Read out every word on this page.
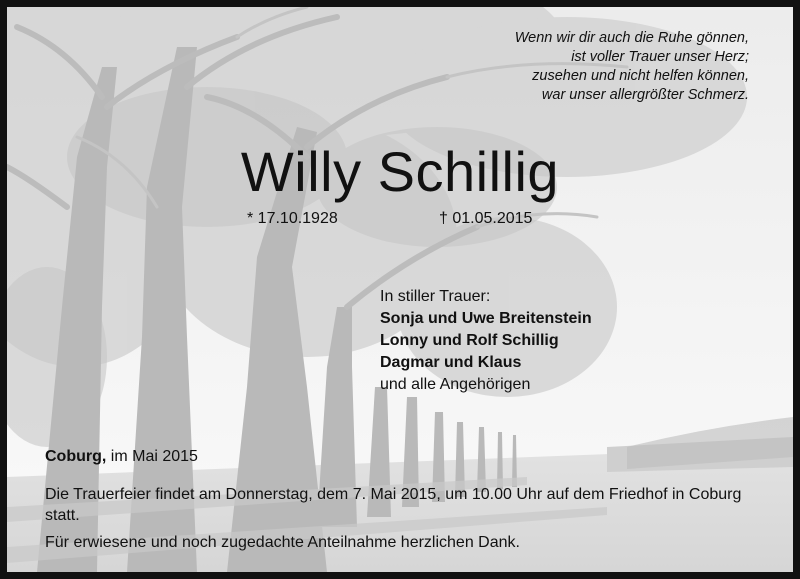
Wenn wir dir auch die Ruhe gönnen,
ist voller Trauer unser Herz;
zusehen und nicht helfen können,
war unser allergrößter Schmerz.
Willy Schillig
* 17.10.1928	† 01.05.2015
In stiller Trauer:
Sonja und Uwe Breitenstein
Lonny und Rolf Schillig
Dagmar und Klaus
und alle Angehörigen
Coburg, im Mai 2015
Die Trauerfeier findet am Donnerstag, dem 7. Mai 2015, um 10.00 Uhr auf dem Friedhof in Coburg statt.
Für erwiesene und noch zugedachte Anteilnahme herzlichen Dank.
